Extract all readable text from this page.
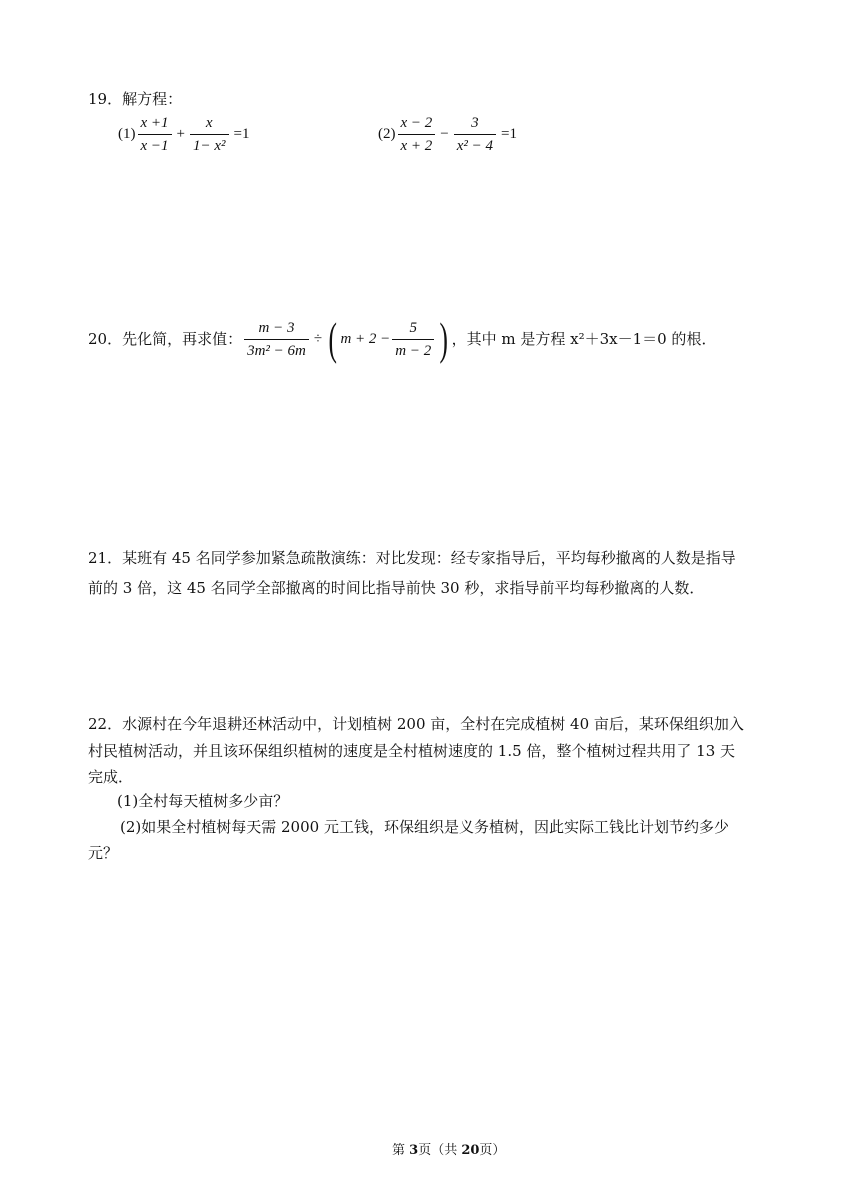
19．解方程：
$(1) \frac{x +1}{x -1} + \frac{x}{\text{1− x²}} =1$	$(2) \frac{x - 2}{x + 2} - \frac{3}{\text{x² − 4}} =1$
20．先化简，再求值： $\frac{m - 3}{\text{3m² − 6m}}$ ÷ ( $m + 2 - \frac{5}{m - 2}$ ) ，其中 m 是方程 x²＋3x－1＝0 的根．
21．某班有 45 名同学参加紧急疏散演练：对比发现：经专家指导后，平均每秒撤离的人数是指导
前的 3 倍，这 45 名同学全部撤离的时间比指导前快 30 秒，求指导前平均每秒撤离的人数．
22．水源村在今年退耕还林活动中，计划植树 200 亩，全村在完成植树 40 亩后，某环保组织加入
村民植树活动，并且该环保组织植树的速度是全村植树速度的 1.5 倍，整个植树过程共用了 13 天
完成．
(1)全村每天植树多少亩？
(2)如果全村植树每天需 2000 元工钱，环保组织是义务植树，因此实际工钱比计划节约多少
元？
第 3页（共 20页）
